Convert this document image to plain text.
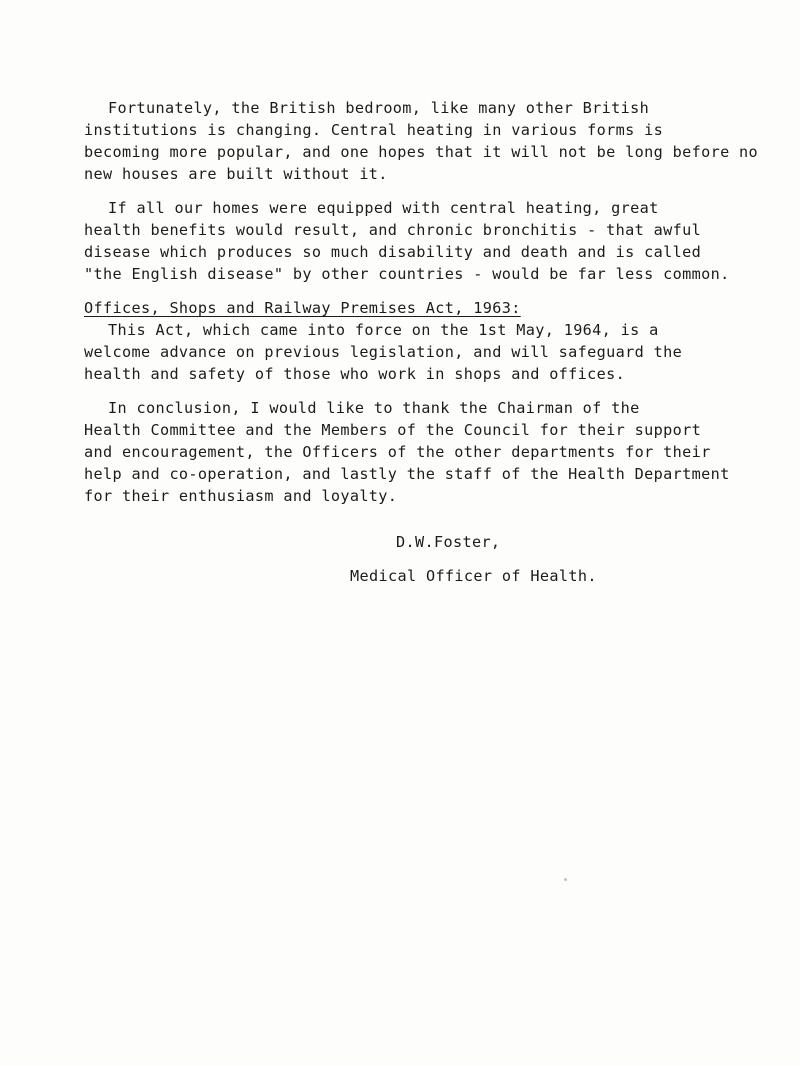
Fortunately, the British bedroom, like many other British
institutions is changing. Central heating in various forms is
becoming more popular, and one hopes that it will not be long before no
new houses are built without it.
If all our homes were equipped with central heating, great
health benefits would result, and chronic bronchitis - that awful
disease which produces so much disability and death and is called
"the English disease" by other countries - would be far less common.
Offices, Shops and Railway Premises Act, 1963:
This Act, which came into force on the 1st May, 1964, is a
welcome advance on previous legislation, and will safeguard the
health and safety of those who work in shops and offices.
In conclusion, I would like to thank the Chairman of the
Health Committee and the Members of the Council for their support
and encouragement, the Officers of the other departments for their
help and co-operation, and lastly the staff of the Health Department
for their enthusiasm and loyalty.
D.W.Foster,
Medical Officer of Health.
